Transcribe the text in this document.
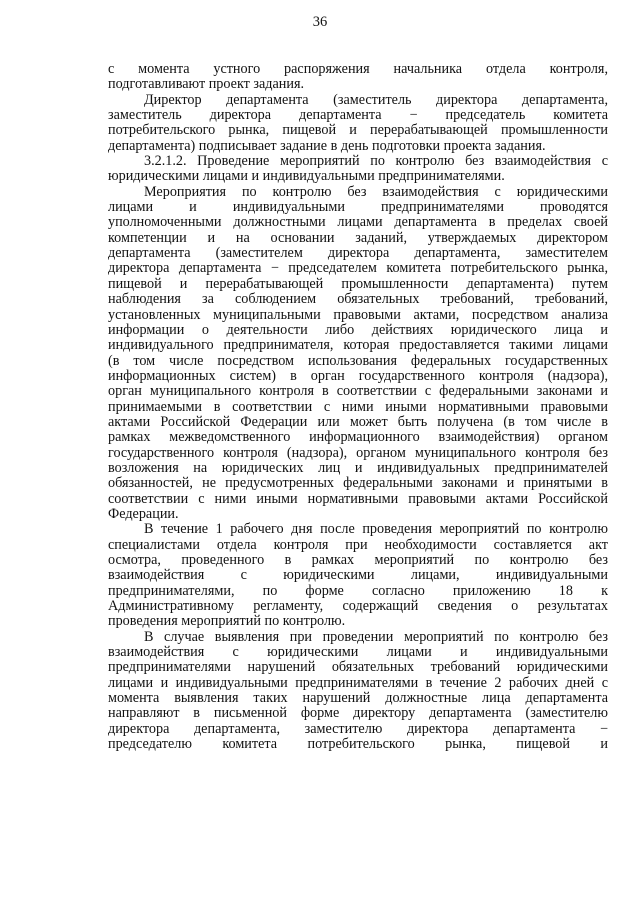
36
с момента устного распоряжения начальника отдела контроля,
подготавливают проект задания.
Директор департамента (заместитель директора департамента,
заместитель директора департамента − председатель комитета
потребительского рынка, пищевой и перерабатывающей промышленности
департамента) подписывает задание в день подготовки проекта задания.
3.2.1.2. Проведение мероприятий по контролю без взаимодействия с
юридическими лицами и индивидуальными предпринимателями.
Мероприятия по контролю без взаимодействия с юридическими
лицами и индивидуальными предпринимателями проводятся
уполномоченными должностными лицами департамента в пределах своей
компетенции и на основании заданий, утверждаемых директором
департамента (заместителем директора департамента, заместителем
директора департамента − председателем комитета потребительского рынка,
пищевой и перерабатывающей промышленности департамента) путем
наблюдения за соблюдением обязательных требований, требований,
установленных муниципальными правовыми актами, посредством анализа
информации о деятельности либо действиях юридического лица и
индивидуального предпринимателя, которая предоставляется такими лицами
(в том числе посредством использования федеральных государственных
информационных систем) в орган государственного контроля (надзора),
орган муниципального контроля в соответствии с федеральными законами и
принимаемыми в соответствии с ними иными нормативными правовыми
актами Российской Федерации или может быть получена (в том числе в
рамках межведомственного информационного взаимодействия) органом
государственного контроля (надзора), органом муниципального контроля без
возложения на юридических лиц и индивидуальных предпринимателей
обязанностей, не предусмотренных федеральными законами и принятыми в
соответствии с ними иными нормативными правовыми актами Российской
Федерации.
В течение 1 рабочего дня после проведения мероприятий по контролю
специалистами отдела контроля при необходимости составляется акт
осмотра, проведенного в рамках мероприятий по контролю без
взаимодействия с юридическими лицами, индивидуальными
предпринимателями, по форме согласно приложению 18 к
Административному регламенту, содержащий сведения о результатах
проведения мероприятий по контролю.
В случае выявления при проведении мероприятий по контролю без
взаимодействия с юридическими лицами и индивидуальными
предпринимателями нарушений обязательных требований юридическими
лицами и индивидуальными предпринимателями в течение 2 рабочих дней с
момента выявления таких нарушений должностные лица департамента
направляют в письменной форме директору департамента (заместителю
директора департамента, заместителю директора департамента −
председателю комитета потребительского рынка, пищевой и
